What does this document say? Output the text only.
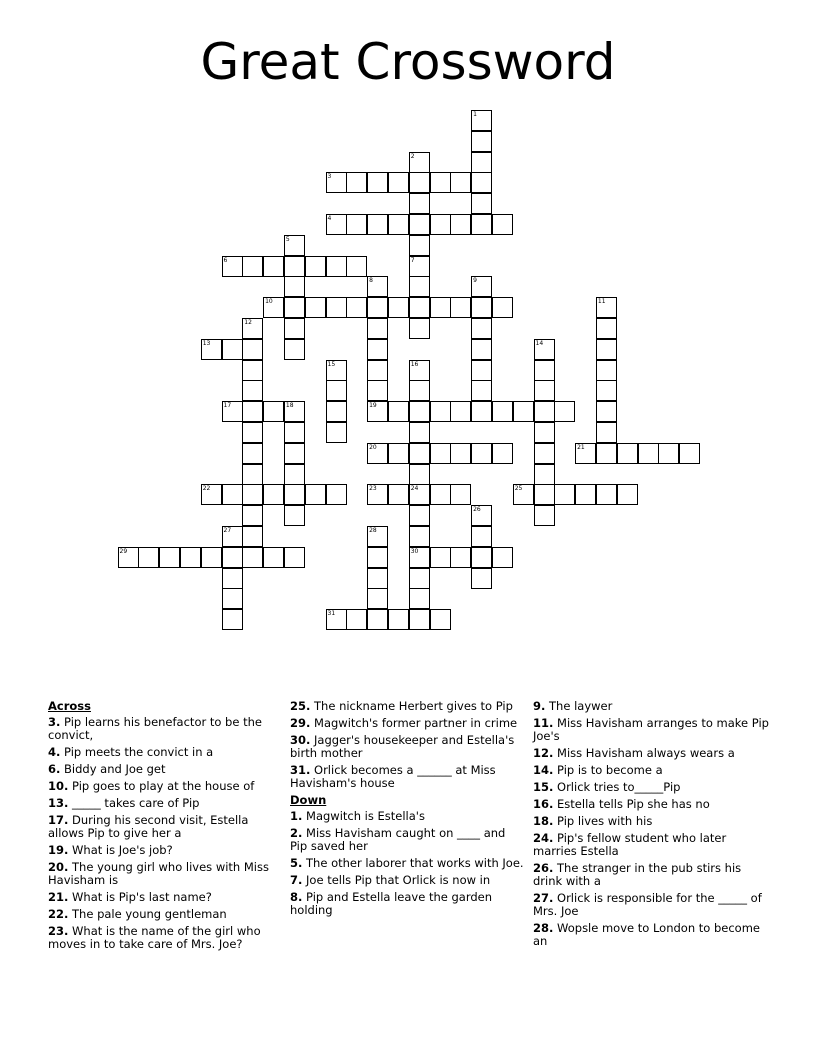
Great Crossword
1
2
3
4
5
6	7
8	9
10	11
12
13	14
15	16
17	18	19
20	21
22	23	24
30
25
26
27	28
29
31
Across
3. Pip learns his benefactor to be the convict,
4. Pip meets the convict in a
6. Biddy and Joe get
10. Pip goes to play at the house of
13. _____ takes care of Pip
17. During his second visit, Estella allows Pip to give her a
19. What is Joe's job?
20. The young girl who lives with Miss Havisham is
21. What is Pip's last name?
22. The pale young gentleman
23. What is the name of the girl who moves in to take care of Mrs. Joe?
25. The nickname Herbert gives to Pip
29. Magwitch's former partner in crime
30. Jagger's housekeeper and Estella's birth mother
31. Orlick becomes a ______ at Miss Havisham's house
Down
1. Magwitch is Estella's
2. Miss Havisham caught on ____ and Pip saved her
5. The other laborer that works with Joe.
7. Joe tells Pip that Orlick is now in
8. Pip and Estella leave the garden holding
9. The laywer
11. Miss Havisham arranges to make Pip Joe's
12. Miss Havisham always wears a
14. Pip is to become a
15. Orlick tries to_____Pip
16. Estella tells Pip she has no
18. Pip lives with his
24. Pip's fellow student who later marries Estella
26. The stranger in the pub stirs his drink with a
27. Orlick is responsible for the _____ of Mrs. Joe
28. Wopsle move to London to become an
